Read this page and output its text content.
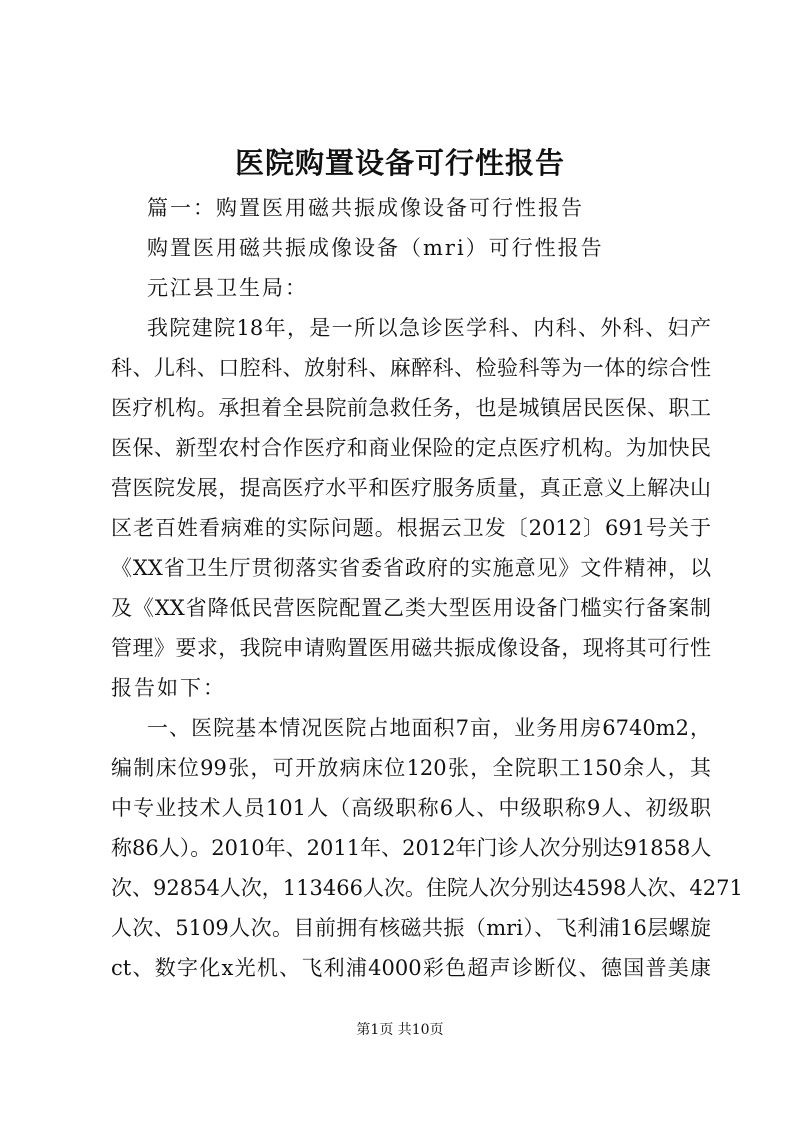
医院购置设备可行性报告
篇一：购置医用磁共振成像设备可行性报告
购置医用磁共振成像设备（mri）可行性报告
元江县卫生局：
我院建院18年，是一所以急诊医学科、内科、外科、妇产
科、儿科、口腔科、放射科、麻醉科、检验科等为一体的综合性
医疗机构。承担着全县院前急救任务，也是城镇居民医保、职工
医保、新型农村合作医疗和商业保险的定点医疗机构。为加快民
营医院发展，提高医疗水平和医疗服务质量，真正意义上解决山
区老百姓看病难的实际问题。根据云卫发〔2012〕691号关于
《XX省卫生厅贯彻落实省委省政府的实施意见》文件精神，以
及《XX省降低民营医院配置乙类大型医用设备门槛实行备案制
管理》要求，我院申请购置医用磁共振成像设备，现将其可行性
报告如下：
一、医院基本情况医院占地面积7亩，业务用房6740m2，
编制床位99张，可开放病床位120张，全院职工150余人，其
中专业技术人员101人（高级职称6人、中级职称9人、初级职
称86人）。2010年、2011年、2012年门诊人次分别达91858人
次、92854人次，113466人次。住院人次分别达4598人次、4271
人次、5109人次。目前拥有核磁共振（mri）、飞利浦16层螺旋
ct、数字化x光机、飞利浦4000彩色超声诊断仪、德国普美康
第1页 共10页
